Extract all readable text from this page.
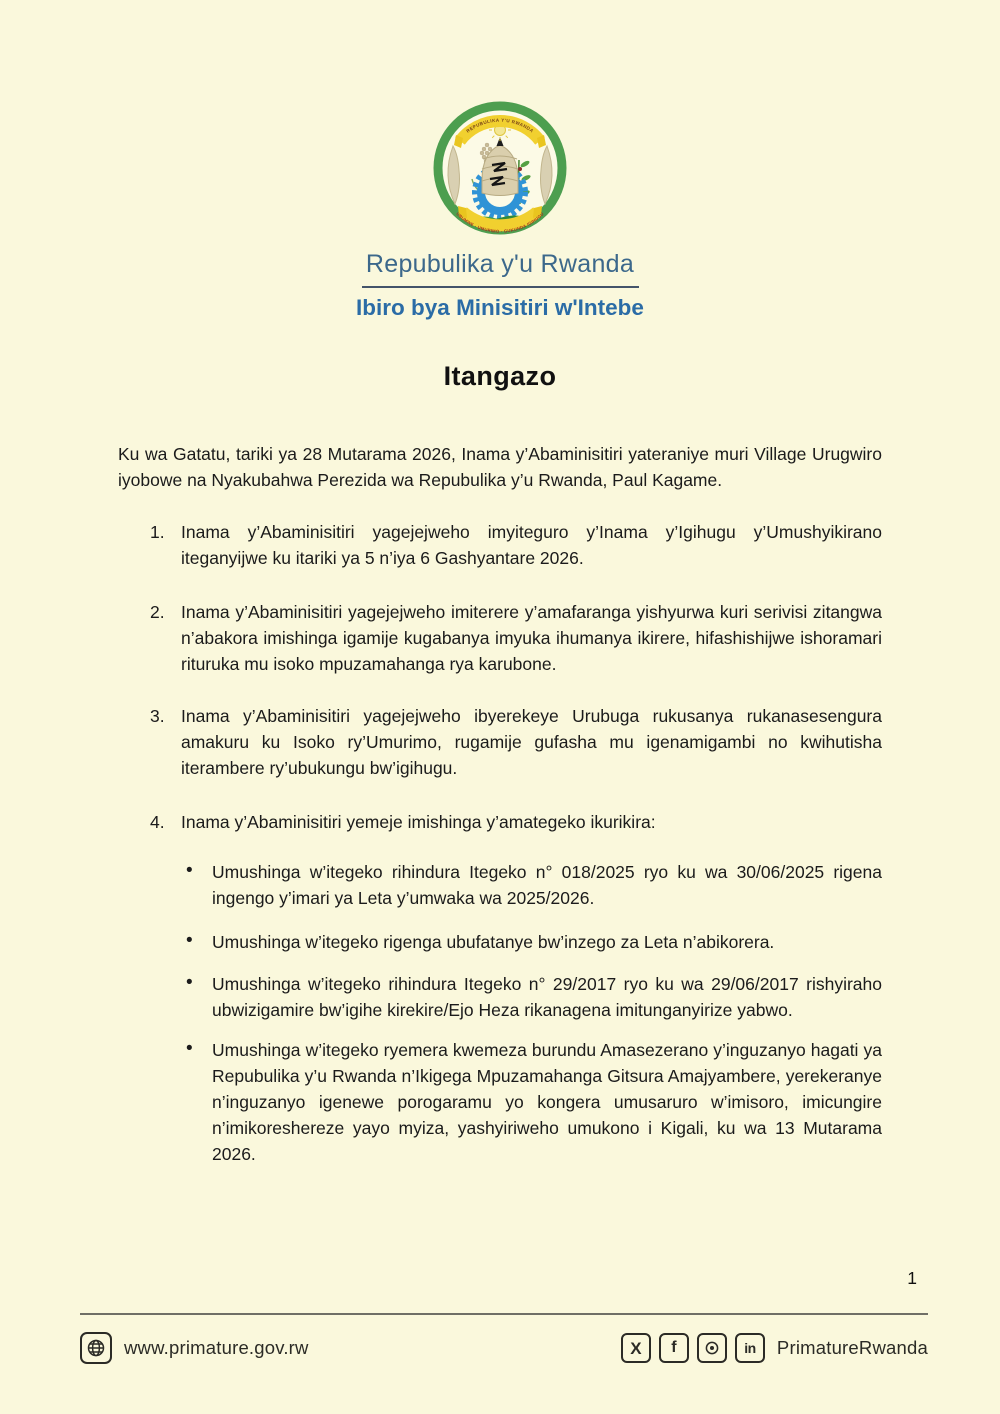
REPUBULIKA Y'U RWANDA
UBUMWE - UMURIMO - GUKUNDA IGIHUGU
Repubulika y'u Rwanda
Ibiro bya Minisitiri w'Intebe
Itangazo

Ku wa Gatatu, tariki ya 28 Mutarama 2026, Inama y’Abaminisitiri yateraniye muri Village Urugwiro iyobowe na Nyakubahwa Perezida wa Repubulika y’u Rwanda, Paul Kagame.

1. Inama y’Abaminisitiri yagejejweho imyiteguro y’Inama y’Igihugu y’Umushyikirano iteganyijwe ku itariki ya 5 n’iya 6 Gashyantare 2026.
2. Inama y’Abaminisitiri yagejejweho imiterere y’amafaranga yishyurwa kuri serivisi zitangwa n’abakora imishinga igamije kugabanya imyuka ihumanya ikirere, hifashishijwe ishoramari rituruka mu isoko mpuzamahanga rya karubone.
3. Inama y’Abaminisitiri yagejejweho ibyerekeye Urubuga rukusanya rukanasesengura amakuru ku Isoko ry’Umurimo, rugamije gufasha mu igenamigambi no kwihutisha iterambere ry’ubukungu bw’igihugu.
4. Inama y’Abaminisitiri yemeje imishinga y’amategeko ikurikira:
• Umushinga w’itegeko rihindura Itegeko n° 018/2025 ryo ku wa 30/06/2025 rigena ingengo y’imari ya Leta y’umwaka wa 2025/2026.
• Umushinga w’itegeko rigenga ubufatanye bw’inzego za Leta n’abikorera.
• Umushinga w’itegeko rihindura Itegeko n° 29/2017 ryo ku wa 29/06/2017 rishyiraho ubwizigamire bw’igihe kirekire/Ejo Heza rikanagena imitunganyirize yabwo.
• Umushinga w’itegeko ryemera kwemeza burundu Amasezerano y’inguzanyo hagati ya Repubulika y’u Rwanda n’Ikigega Mpuzamahanga Gitsura Amajyambere, yerekeranye n’inguzanyo igenewe porogaramu yo kongera umusaruro w’imisoro, imicungire n’imikoreshereze yayo myiza, yashyiriweho umukono i Kigali, ku wa 13 Mutarama 2026.
1
www.primature.gov.rw	X f	in PrimatureRwanda
